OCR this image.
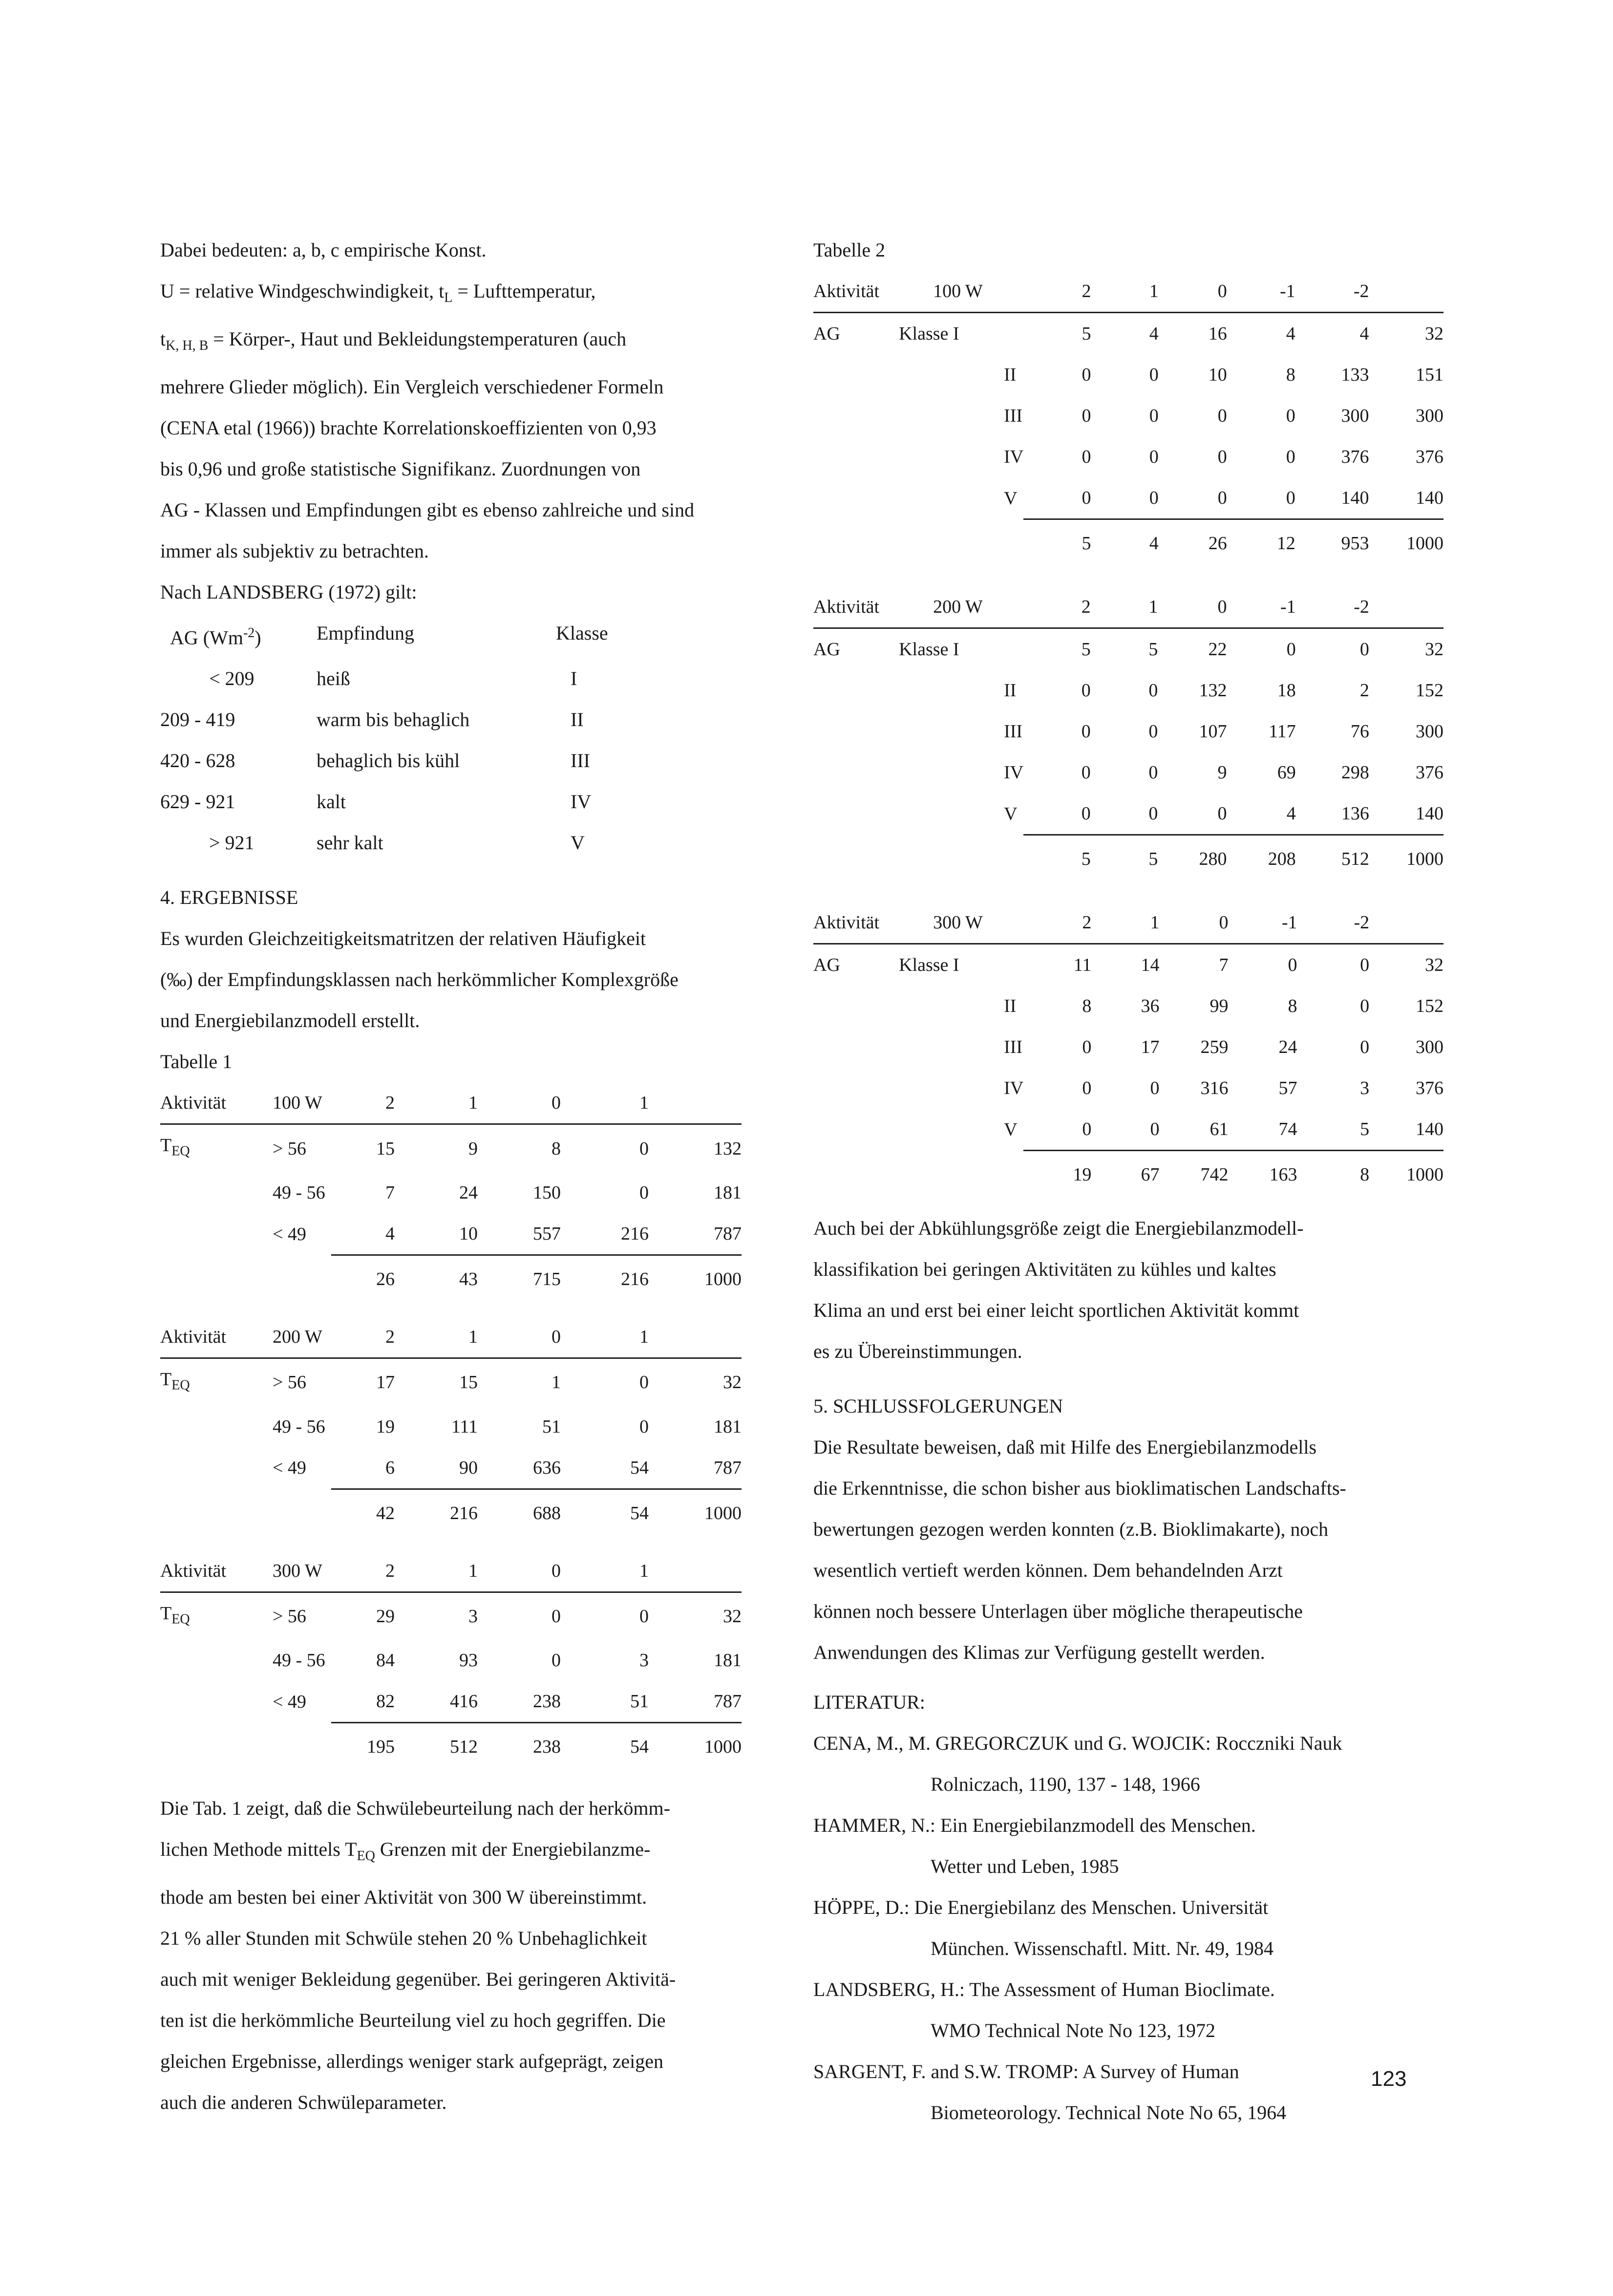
Dabei bedeuten: a, b, c empirische Konst.

U = relative Windgeschwindigkeit, $t_L$ = Lufttemperatur,

$t_{K, H, B}$ = Körper-, Haut und Bekleidungstemperaturen (auch

mehrere Glieder möglich). Ein Vergleich verschiedener Formeln

(CENA etal (1966)) brachte Korrelationskoeffizienten von 0,93

bis 0,96 und große statistische Signifikanz. Zuordnungen von

AG - Klassen und Empfindungen gibt es ebenso zahlreiche und sind

immer als subjektiv zu betrachten.

Nach LANDSBERG (1972) gilt:

AG $(Wm^{-2})$	Empfindung	Klasse
< 209	heiß	I
209 - 419	warm bis behaglich	II
420 - 628	behaglich bis kühl	III
629 - 921	kalt	IV
> 921	sehr kalt	V

4. ERGEBNISSE

Es wurden Gleichzeitigkeitsmatritzen der relativen Häufigkeit

(‰) der Empfindungsklassen nach herkömmlicher Komplexgröße

und Energiebilanzmodell erstellt.

Tabelle 1

Aktivität		100 W	2	1	0	1	
$T_{EQ}$		> 56	15	9	8	0	132
		49 - 56	7	24	150	0	181
		< 49	4	10	557	216	787
			26	43	715	216	1000
Aktivität		200 W	2	1	0	1	
$T_{EQ}$		> 56	17	15	1	0	32
		49 - 56	19	111	51	0	181
		< 49	6	90	636	54	787
			42	216	688	54	1000
Aktivität		300 W	2	1	0	1	
$T_{EQ}$		> 56	29	3	0	0	32
		49 - 56	84	93	0	3	181
		< 49	82	416	238	51	787
			195	512	238	54	1000

Die Tab. 1 zeigt, daß die Schwülebeurteilung nach der herkömm-

lichen Methode mittels $T_{EQ}$ Grenzen mit der Energiebilanzme-

thode am besten bei einer Aktivität von 300 W übereinstimmt.

21 % aller Stunden mit Schwüle stehen 20 % Unbehaglichkeit

auch mit weniger Bekleidung gegenüber. Bei geringeren Aktivitä-

ten ist die herkömmliche Beurteilung viel zu hoch gegriffen. Die

gleichen Ergebnisse, allerdings weniger stark aufgeprägt, zeigen

auch die anderen Schwüleparameter.

Tabelle 2

Aktivität	100 W	2	1	0	-1	-2	
AG	Klasse I	5	4	16	4	4	32
	II	0	0	10	8	133	151
	III	0	0	0	0	300	300
	IV	0	0	0	0	376	376
	V	0	0	0	0	140	140
		5	4	26	12	953	1000
Aktivität	200 W	2	1	0	-1	-2	
AG	Klasse I	5	5	22	0	0	32
	II	0	0	132	18	2	152
	III	0	0	107	117	76	300
	IV	0	0	9	69	298	376
	V	0	0	0	4	136	140
		5	5	280	208	512	1000
Aktivität	300 W	2	1	0	-1	-2	
AG	Klasse I	11	14	7	0	0	32
	II	8	36	99	8	0	152
	III	0	17	259	24	0	300
	IV	0	0	316	57	3	376
	V	0	0	61	74	5	140
		19	67	742	163	8	1000

Auch bei der Abkühlungsgröße zeigt die Energiebilanzmodell-

klassifikation bei geringen Aktivitäten zu kühles und kaltes

Klima an und erst bei einer leicht sportlichen Aktivität kommt

es zu Übereinstimmungen.

5. SCHLUSSFOLGERUNGEN

Die Resultate beweisen, daß mit Hilfe des Energiebilanzmodells

die Erkenntnisse, die schon bisher aus bioklimatischen Landschafts-

bewertungen gezogen werden konnten (z.B. Bioklimakarte), noch

wesentlich vertieft werden können. Dem behandelnden Arzt

können noch bessere Unterlagen über mögliche therapeutische

Anwendungen des Klimas zur Verfügung gestellt werden.

LITERATUR:

CENA, M., M. GREGORCZUK und G. WOJCIK: Rocczniki Nauk

Rolniczach, 1190, 137 - 148, 1966

HAMMER, N.: Ein Energiebilanzmodell des Menschen.

Wetter und Leben, 1985

HÖPPE, D.: Die Energiebilanz des Menschen. Universität

München. Wissenschaftl. Mitt. Nr. 49, 1984

LANDSBERG, H.: The Assessment of Human Bioclimate.

WMO Technical Note No 123, 1972

SARGENT, F. and S.W. TROMP: A Survey of Human

Biometeorology. Technical Note No 65, 1964

123
